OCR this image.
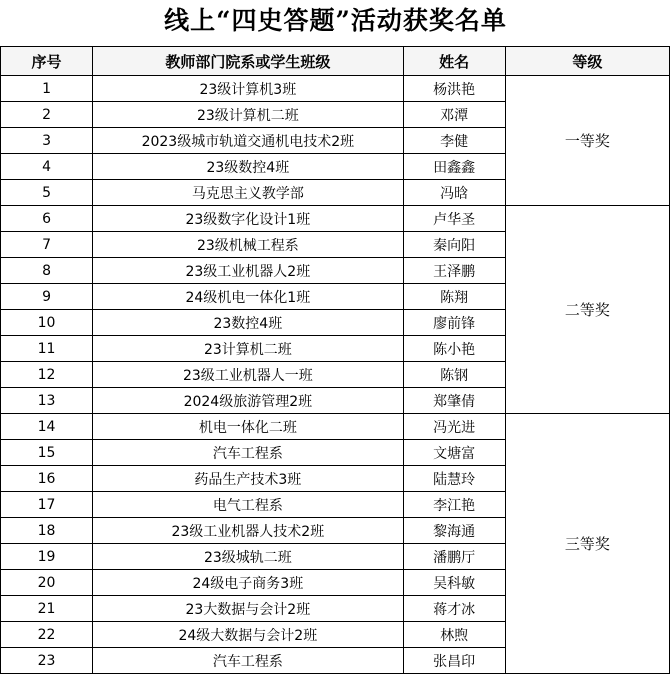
线上“四史答题”活动获奖名单
序号	教师部门院系或学生班级	姓名	等级
1	23级计算机3班	杨洪艳	一等奖
2	23级计算机二班	邓潭	
3	2023级城市轨道交通机电技术2班	李健	
4	23级数控4班	田鑫鑫	
5	马克思主义教学部	冯晗	
6	23级数字化设计1班	卢华圣	二等奖
7	23级机械工程系	秦向阳	
8	23级工业机器人2班	王泽鹏	
9	24级机电一体化1班	陈翔	
10	23数控4班	廖前锋	
11	23计算机二班	陈小艳	
12	23级工业机器人一班	陈钢	
13	2024级旅游管理2班	郑肇倩	
14	机电一体化二班	冯光进	三等奖
15	汽车工程系	文塘富	
16	药品生产技术3班	陆慧玲	
17	电气工程系	李江艳	
18	23级工业机器人技术2班	黎海通	
19	23级城轨二班	潘鹏厅	
20	24级电子商务3班	吴科敏	
21	23大数据与会计2班	蒋才冰	
22	24级大数据与会计2班	林煦	
23	汽车工程系	张昌印	
